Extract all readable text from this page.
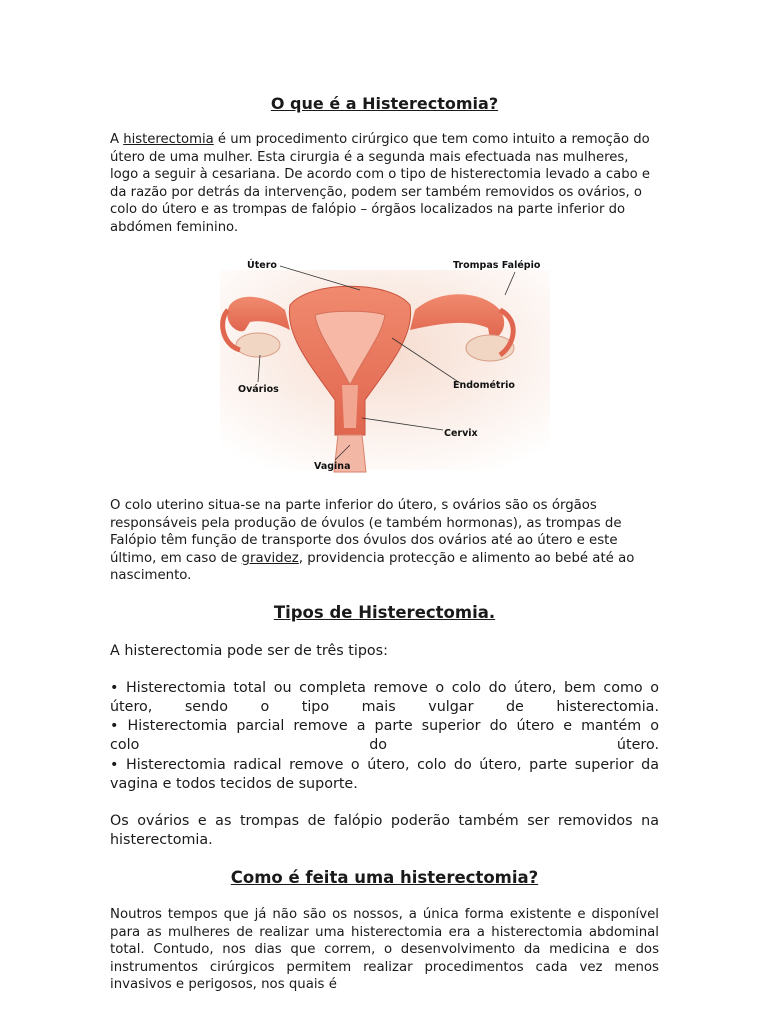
O que é a Histerectomia?

A histerectomia é um procedimento cirúrgico que tem como intuito a remoção do útero de uma mulher. Esta cirurgia é a segunda mais efectuada nas mulheres, logo a seguir à cesariana. De acordo com o tipo de histerectomia levado a cabo e da razão por detrás da intervenção, podem ser também removidos os ovários, o colo do útero e as trompas de falópio – órgãos localizados na parte inferior do abdómen feminino.

O colo uterino situa-se na parte inferior do útero, s ovários são os órgãos responsáveis pela produção de óvulos (e também hormonas), as trompas de Falópio têm função de transporte dos óvulos dos ovários até ao útero e este último, em caso de gravidez, providencia protecção e alimento ao bebé até ao nascimento.

Tipos de Histerectomia.

A histerectomia pode ser de três tipos:

• Histerectomia total ou completa remove o colo do útero, bem como o

útero, sendo o tipo mais vulgar de histerectomia.

• Histerectomia parcial remove a parte superior do útero e mantém o

colo do útero.

• Histerectomia radical remove o útero, colo do útero, parte superior da vagina e todos tecidos de suporte.

Os ovários e as trompas de falópio poderão também ser removidos na histerectomia.

Como é feita uma histerectomia?

Noutros tempos que já não são os nossos, a única forma existente e disponível para as mulheres de realizar uma histerectomia era a histerectomia abdominal total. Contudo, nos dias que correm, o desenvolvimento da medicina e dos instrumentos cirúrgicos permitem realizar procedimentos cada vez menos invasivos e perigosos, nos quais é

Útero	Trompas Falépio
Ovários	Endométrio
Cervix
Vagina
